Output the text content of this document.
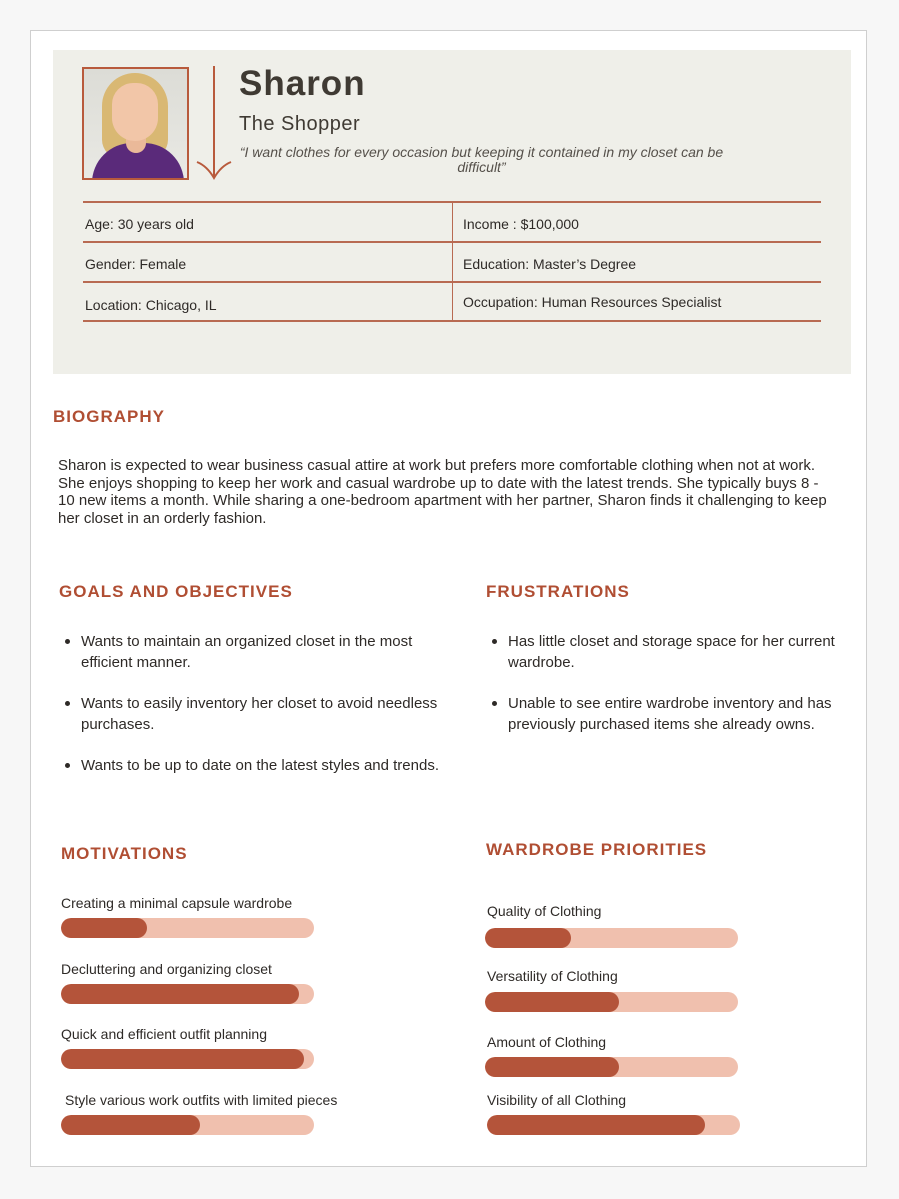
Sharon
The Shopper
“I want clothes for every occasion but keeping it contained in my closet can be difficult”
Age: 30 years old
Gender: Female
Location: Chicago, IL
Income : $100,000
Education: Master’s Degree
Occupation: Human Resources Specialist
BIOGRAPHY
Sharon is expected to wear business casual attire at work but prefers more comfortable clothing when not at work. She enjoys shopping to keep her work and casual wardrobe up to date with the latest trends. She typically buys 8 - 10 new items a month. While sharing a one-bedroom apartment with her partner, Sharon finds it challenging to keep her closet in an orderly fashion.
GOALS AND OBJECTIVES
Wants to maintain an organized closet in the most efficient manner.
Wants to easily inventory her closet to avoid needless purchases.
Wants to be up to date on the latest styles and trends.
FRUSTRATIONS
Has little closet and storage space for her current wardrobe.
Unable to see entire wardrobe inventory and has previously purchased items she already owns.
MOTIVATIONS
Creating a minimal capsule wardrobe
Decluttering and organizing closet
Quick and efficient outfit planning
Style various work outfits with limited pieces
WARDROBE PRIORITIES
Quality of Clothing
Versatility of Clothing
Amount of Clothing
Visibility of all Clothing
